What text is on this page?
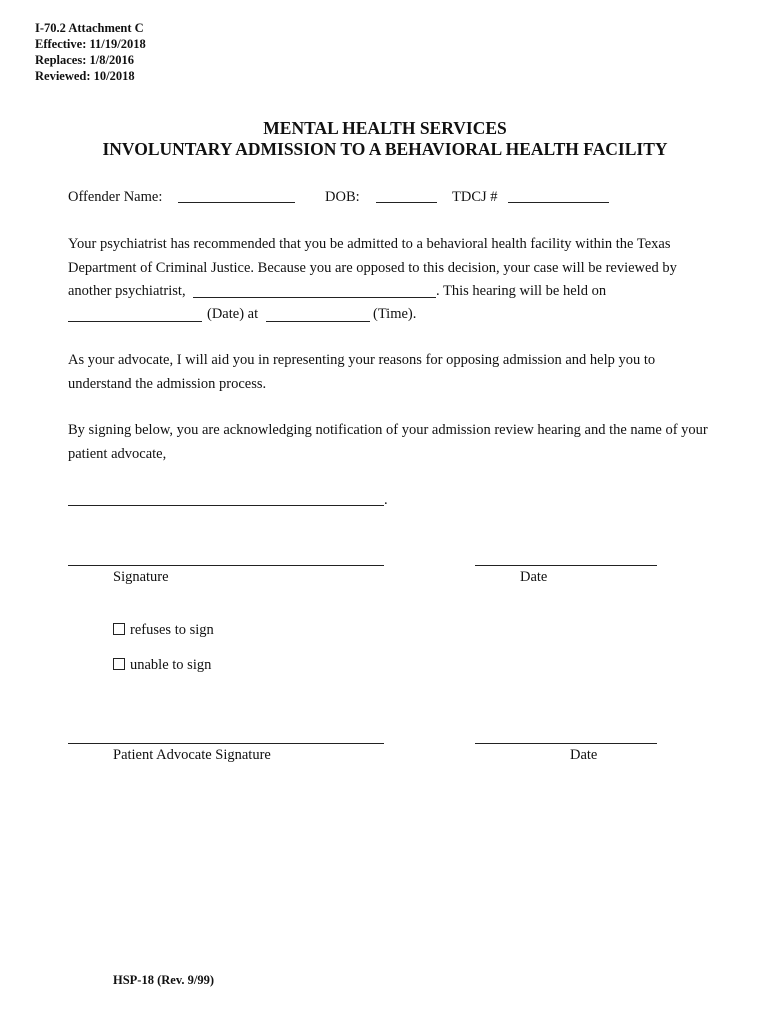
I-70.2 Attachment C
Effective: 11/19/2018
Replaces: 1/8/2016
Reviewed: 10/2018
MENTAL HEALTH SERVICES
INVOLUNTARY ADMISSION TO A BEHAVIORAL HEALTH FACILITY
Offender Name:	DOB:	TDCJ #
Your psychiatrist has recommended that you be admitted to a behavioral health facility within the Texas
Department of Criminal Justice. Because you are opposed to this decision, your case will be reviewed by
another psychiatrist,	. This hearing will be held on
(Date) at	(Time).
As your advocate, I will aid you in representing your reasons for opposing admission and help you to
understand the admission process.
By signing below, you are acknowledging notification of your admission review hearing and the name of your
patient advocate,
.
Signature	Date
refuses to sign
unable to sign
Patient Advocate Signature	Date
HSP-18 (Rev. 9/99)
